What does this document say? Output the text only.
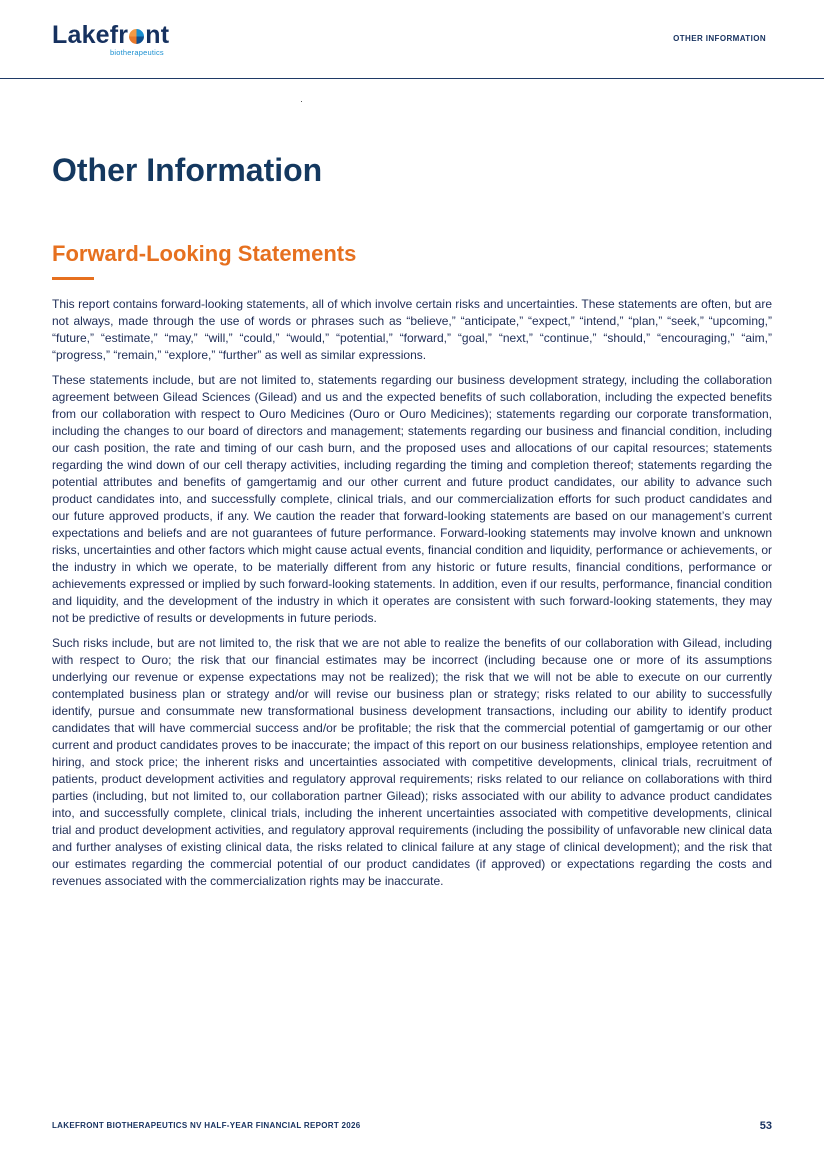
Lakefr nt
biotherapeutics
OTHER INFORMATION
Other Information
Forward-Looking Statements

This report contains forward-looking statements, all of which involve certain risks and uncertainties. These statements are often, but are not always, made through the use of words or phrases such as “believe,” “anticipate,” “expect,” “intend,” “plan,” “seek,” “upcoming,” “future,” “estimate,” “may,” “will,” “could,” “would,” “potential,” “forward,” “goal,” “next,” “continue,” “should,” “encouraging,” “aim,” “progress,” “remain,” “explore,” “further” as well as similar expressions.

These statements include, but are not limited to, statements regarding our business development strategy, including the collaboration agreement between Gilead Sciences (Gilead) and us and the expected benefits of such collaboration, including the expected benefits from our collaboration with respect to Ouro Medicines (Ouro or Ouro Medicines); statements regarding our corporate transformation, including the changes to our board of directors and management; statements regarding our business and financial condition, including our cash position, the rate and timing of our cash burn, and the proposed uses and allocations of our capital resources; statements regarding the wind down of our cell therapy activities, including regarding the timing and completion thereof; statements regarding the potential attributes and benefits of gamgertamig and our other current and future product candidates, our ability to advance such product candidates into, and successfully complete, clinical trials, and our commercialization efforts for such product candidates and our future approved products, if any. We caution the reader that forward-looking statements are based on our management’s current expectations and beliefs and are not guarantees of future performance. Forward-looking statements may involve known and unknown risks, uncertainties and other factors which might cause actual events, financial condition and liquidity, performance or achievements, or the industry in which we operate, to be materially different from any historic or future results, financial conditions, performance or achievements expressed or implied by such forward-looking statements. In addition, even if our results, performance, financial condition and liquidity, and the development of the industry in which it operates are consistent with such forward-looking statements, they may not be predictive of results or developments in future periods.

Such risks include, but are not limited to, the risk that we are not able to realize the benefits of our collaboration with Gilead, including with respect to Ouro; the risk that our financial estimates may be incorrect (including because one or more of its assumptions underlying our revenue or expense expectations may not be realized); the risk that we will not be able to execute on our currently contemplated business plan or strategy and/or will revise our business plan or strategy; risks related to our ability to successfully identify, pursue and consummate new transformational business development transactions, including our ability to identify product candidates that will have commercial success and/or be profitable; the risk that the commercial potential of gamgertamig or our other current and product candidates proves to be inaccurate; the impact of this report on our business relationships, employee retention and hiring, and stock price; the inherent risks and uncertainties associated with competitive developments, clinical trials, recruitment of patients, product development activities and regulatory approval requirements; risks related to our reliance on collaborations with third parties (including, but not limited to, our collaboration partner Gilead); risks associated with our ability to advance product candidates into, and successfully complete, clinical trials, including the inherent uncertainties associated with competitive developments, clinical trial and product development activities, and regulatory approval requirements (including the possibility of unfavorable new clinical data and further analyses of existing clinical data, the risks related to clinical failure at any stage of clinical development); and the risk that our estimates regarding the commercial potential of our product candidates (if approved) or expectations regarding the costs and revenues associated with the commercialization rights may be inaccurate.

LAKEFRONT BIOTHERAPEUTICS NV HALF-YEAR FINANCIAL REPORT 2026	53
